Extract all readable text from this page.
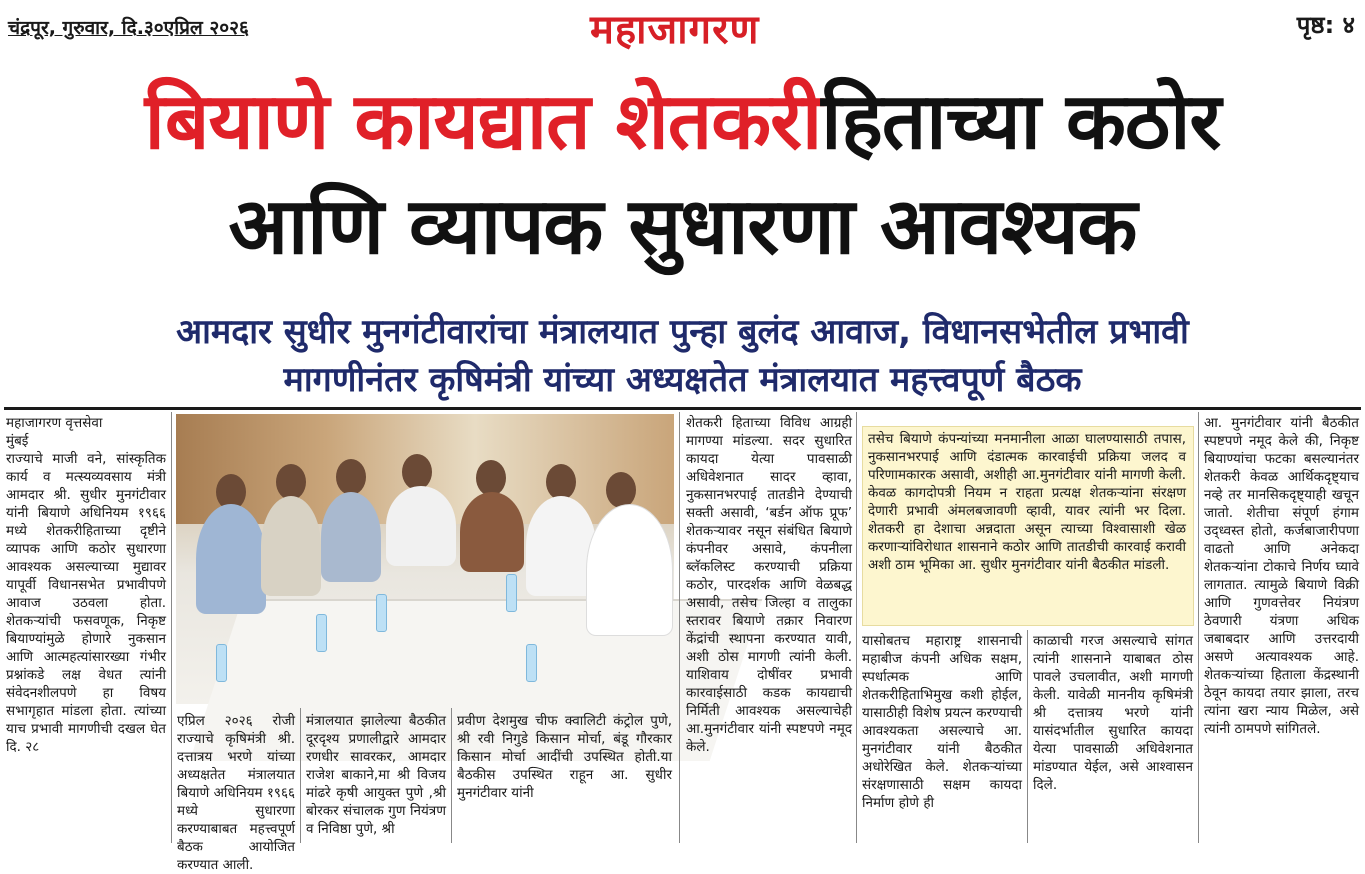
चंद्रपूर, गुरुवार, दि.३०एप्रिल २०२६	महाजागरण	पृष्ठ: ४
बियाणे कायद्यात शेतकरीहिताच्या कठोर
आणि व्यापक सुधारणा आवश्यक
आमदार सुधीर मुनगंटीवारांचा मंत्रालयात पुन्हा बुलंद आवाज, विधानसभेतील प्रभावी
मागणीनंतर कृषिमंत्री यांच्या अध्यक्षतेत मंत्रालयात महत्त्वपूर्ण बैठक

महाजागरण वृत्तसेवा

मुंबई

राज्याचे माजी वने, सांस्कृतिक कार्य व मत्स्यव्यवसाय मंत्री आमदार श्री. सुधीर मुनगंटीवार यांनी बियाणे अधिनियम १९६६ मध्ये शेतकरीहिताच्या दृष्टीने व्यापक आणि कठोर सुधारणा आवश्यक असल्याच्या मुद्यावर यापूर्वी विधानसभेत प्रभावीपणे आवाज उठवला होता. शेतकऱ्यांची फसवणूक, निकृष्ट बियाण्यांमुळे होणारे नुकसान आणि आत्महत्यांसारख्या गंभीर प्रश्नांकडे लक्ष वेधत त्यांनी संवेदनशीलपणे हा विषय सभागृहात मांडला होता. त्यांच्या याच प्रभावी मागणीची दखल घेत दि. २८

एप्रिल २०२६ रोजी राज्याचे कृषिमंत्री श्री. दत्तात्रय भरणे यांच्या अध्यक्षतेत मंत्रालयात बियाणे अधिनियम १९६६ मध्ये सुधारणा करण्याबाबत महत्त्वपूर्ण बैठक आयोजित करण्यात आली.

मंत्रालयात झालेल्या बैठकीत दूरदृश्य प्रणालीद्वारे आमदार रणधीर सावरकर, आमदार राजेश बाकाने,मा श्री विजय मांढरे कृषी आयुक्त पुणे ,श्री बोरकर संचालक गुण नियंत्रण व निविष्ठा पुणे, श्री

प्रवीण देशमुख चीफ क्वालिटी कंट्रोल पुणे, श्री रवी निगुडे किसान मोर्चा, बंडू गौरकार किसान मोर्चा आदींची उपस्थित होती.या बैठकीस उपस्थित राहून आ. सुधीर मुनगंटीवार यांनी

शेतकरी हिताच्या विविध आग्रही मागण्या मांडल्या. सदर सुधारित कायदा येत्या पावसाळी अधिवेशनात सादर व्हावा, नुकसानभरपाई तातडीने देण्याची सक्ती असावी, ‘बर्डन ऑफ प्रूफ’ शेतकऱ्यावर नसून संबंधित बियाणे कंपनीवर असावे, कंपनीला ब्लॅकलिस्ट करण्याची प्रक्रिया कठोर, पारदर्शक आणि वेळबद्ध असावी, तसेच जिल्हा व तालुका स्तरावर बियाणे तक्रार निवारण केंद्रांची स्थापना करण्यात यावी, अशी ठोस मागणी त्यांनी केली. याशिवाय दोषींवर प्रभावी कारवाईसाठी कडक कायद्याची निर्मिती आवश्यक असल्याचेही आ.मुनगंटीवार यांनी स्पष्टपणे नमूद केले.

तसेच बियाणे कंपन्यांच्या मनमानीला आळा घालण्यासाठी तपास, नुकसानभरपाई आणि दंडात्मक कारवाईची प्रक्रिया जलद व परिणामकारक असावी, अशीही आ.मुनगंटीवार यांनी मागणी केली. केवळ कागदोपत्री नियम न राहता प्रत्यक्ष शेतकऱ्यांना संरक्षण देणारी प्रभावी अंमलबजावणी व्हावी, यावर त्यांनी भर दिला. शेतकरी हा देशाचा अन्नदाता असून त्याच्या विश्वासाशी खेळ करणाऱ्यांविरोधात शासनाने कठोर आणि तातडीची कारवाई करावी अशी ठाम भूमिका आ. सुधीर मुनगंटीवार यांनी बैठकीत मांडली.

यासोबतच महाराष्ट्र शासनाची महाबीज कंपनी अधिक सक्षम, स्पर्धात्मक आणि शेतकरीहिताभिमुख कशी होईल, यासाठीही विशेष प्रयत्न करण्याची आवश्यकता असल्याचे आ. मुनगंटीवार यांनी बैठकीत अधोरेखित केले. शेतकऱ्यांच्या संरक्षणासाठी सक्षम कायदा निर्माण होणे ही

काळाची गरज असल्याचे सांगत त्यांनी शासनाने याबाबत ठोस पावले उचलावीत, अशी मागणी केली. यावेळी माननीय कृषिमंत्री श्री दत्तात्रय भरणे यांनी यासंदर्भातील सुधारित कायदा येत्या पावसाळी अधिवेशनात मांडण्यात येईल, असे आश्वासन दिले.

आ. मुनगंटीवार यांनी बैठकीत स्पष्टपणे नमूद केले की, निकृष्ट बियाण्यांचा फटका बसल्यानंतर शेतकरी केवळ आर्थिकदृष्ट्याच नव्हे तर मानसिकदृष्ट्याही खचून जातो. शेतीचा संपूर्ण हंगाम उद्ध्वस्त होतो, कर्जबाजारीपणा वाढतो आणि अनेकदा शेतकऱ्यांना टोकाचे निर्णय घ्यावे लागतात. त्यामुळे बियाणे विक्री आणि गुणवत्तेवर नियंत्रण ठेवणारी यंत्रणा अधिक जबाबदार आणि उत्तरदायी असणे अत्यावश्यक आहे. शेतकऱ्यांच्या हिताला केंद्रस्थानी ठेवून कायदा तयार झाला, तरच त्यांना खरा न्याय मिळेल, असे त्यांनी ठामपणे सांगितले.
